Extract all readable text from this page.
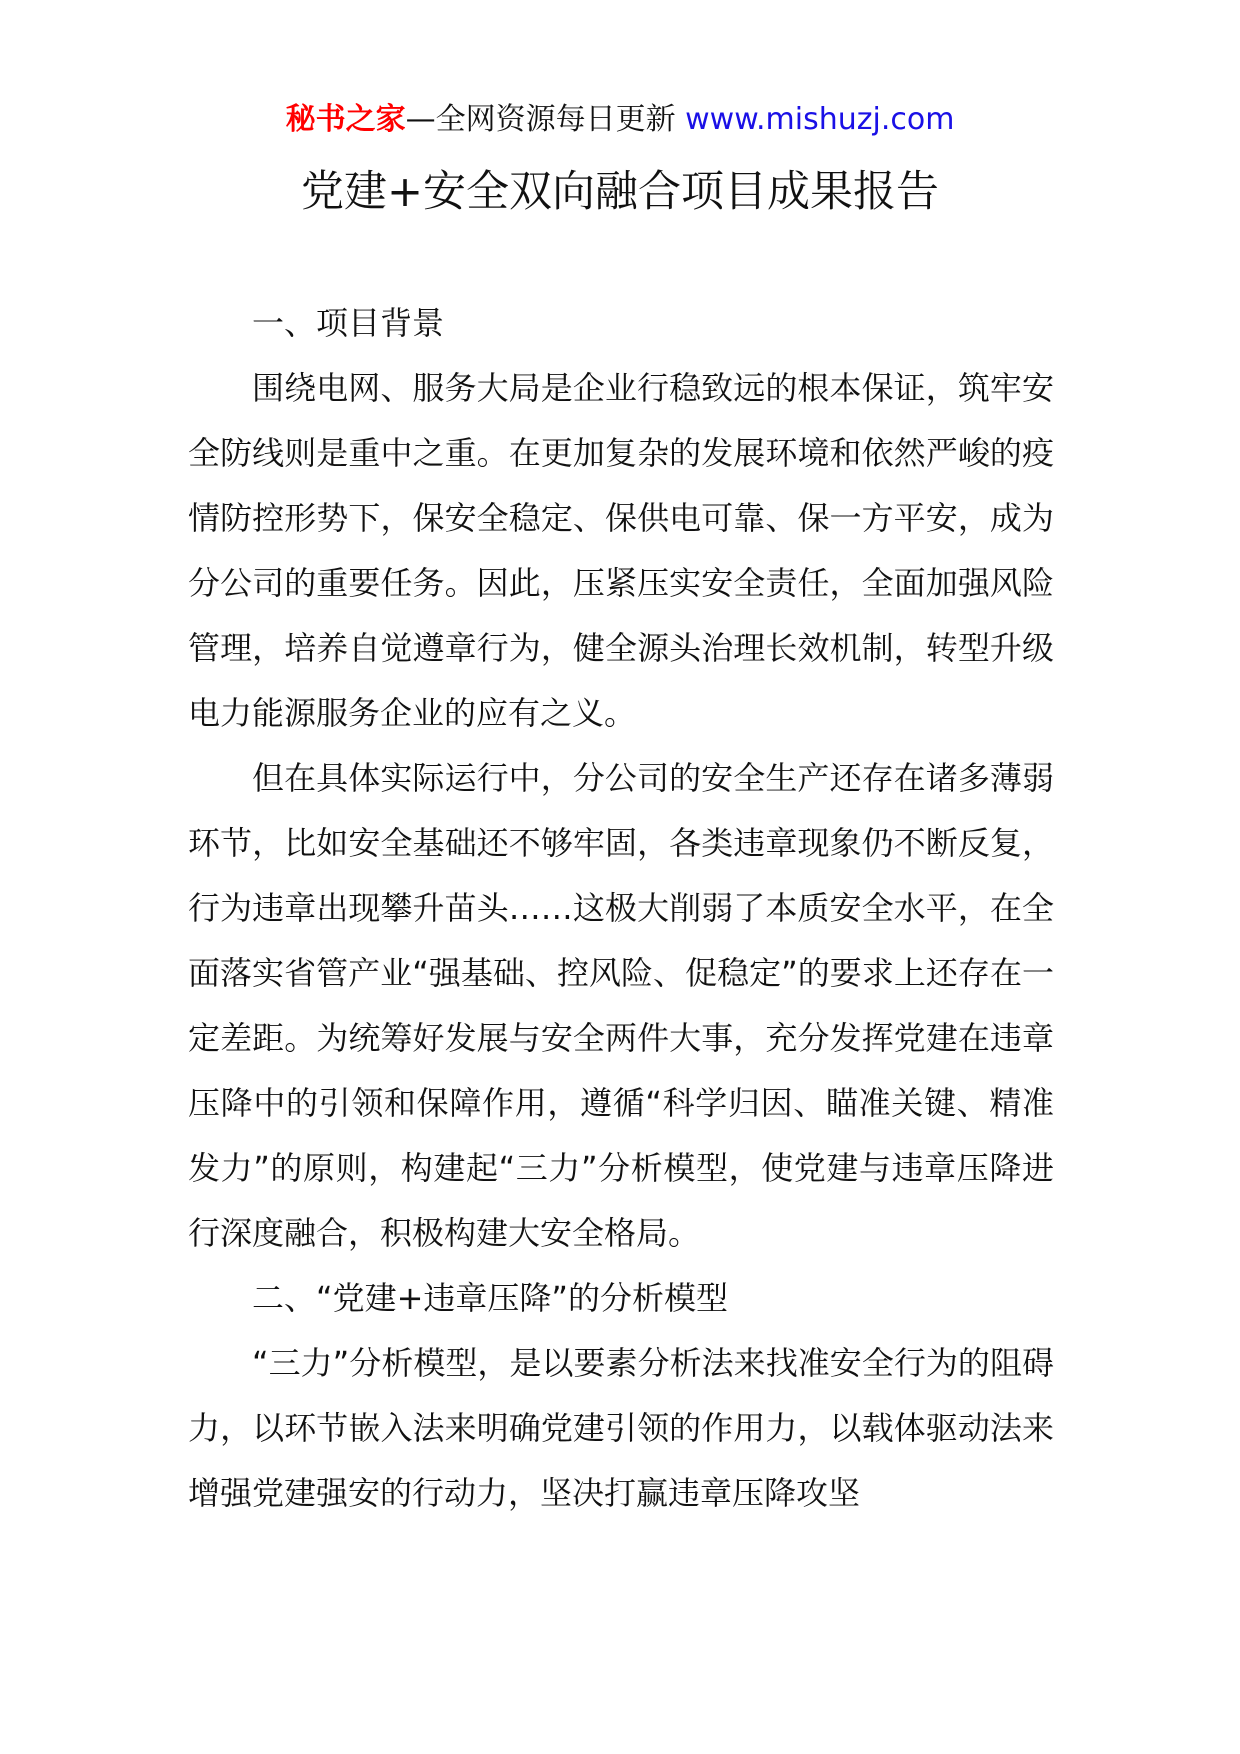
秘书之家—全网资源每日更新 www.mishuzj.com
党建+安全双向融合项目成果报告
一、项目背景

围绕电网、服务大局是企业行稳致远的根本保证，筑牢安全防线则是重中之重。在更加复杂的发展环境和依然严峻的疫情防控形势下，保安全稳定、保供电可靠、保一方平安，成为分公司的重要任务。因此，压紧压实安全责任，全面加强风险管理，培养自觉遵章行为，健全源头治理长效机制，转型升级电力能源服务企业的应有之义。

但在具体实际运行中，分公司的安全生产还存在诸多薄弱环节，比如安全基础还不够牢固，各类违章现象仍不断反复，行为违章出现攀升苗头……这极大削弱了本质安全水平，在全面落实省管产业“强基础、控风险、促稳定”的要求上还存在一定差距。为统筹好发展与安全两件大事，充分发挥党建在违章压降中的引领和保障作用，遵循“科学归因、瞄准关键、精准发力”的原则，构建起“三力”分析模型，使党建与违章压降进行深度融合，积极构建大安全格局。

二、“党建+违章压降”的分析模型

“三力”分析模型，是以要素分析法来找准安全行为的阻碍力，以环节嵌入法来明确党建引领的作用力，以载体驱动法来增强党建强安的行动力，坚决打赢违章压降攻坚
